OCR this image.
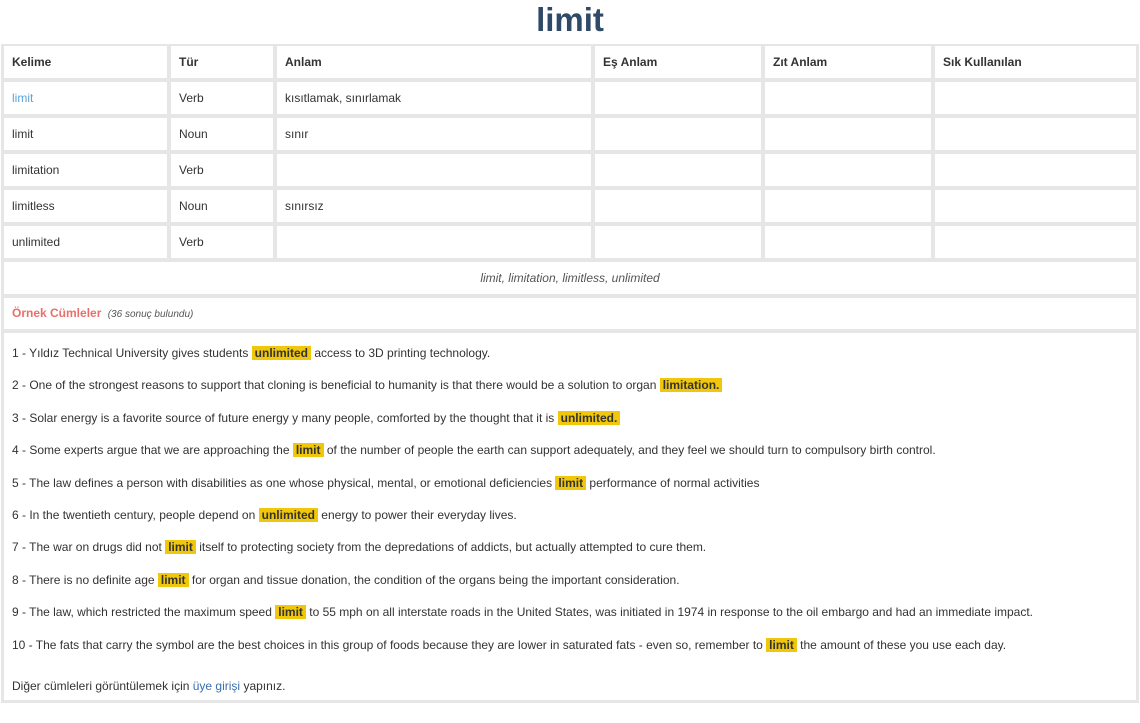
limit
Kelime	Tür	Anlam	Eş Anlam	Zıt Anlam	Sık Kullanılan
limit	Verb	kısıtlamak, sınırlamak			
limit	Noun	sınır			
limitation	Verb				
limitless	Noun	sınırsız			
unlimited	Verb				
limit, limitation, limitless, unlimited
Örnek Cümleler (36 sonuç bulundu)
1 - Yıldız Technical University gives students unlimited access to 3D printing technology.
2 - One of the strongest reasons to support that cloning is beneficial to humanity is that there would be a solution to organ limitation.
3 - Solar energy is a favorite source of future energy y many people, comforted by the thought that it is unlimited.
4 - Some experts argue that we are approaching the limit of the number of people the earth can support adequately, and they feel we should turn to compulsory birth control.
5 - The law defines a person with disabilities as one whose physical, mental, or emotional deficiencies limit performance of normal activities
6 - In the twentieth century, people depend on unlimited energy to power their everyday lives.
7 - The war on drugs did not limit itself to protecting society from the depredations of addicts, but actually attempted to cure them.
8 - There is no definite age limit for organ and tissue donation, the condition of the organs being the important consideration.
9 - The law, which restricted the maximum speed limit to 55 mph on all interstate roads in the United States, was initiated in 1974 in response to the oil embargo and had an immediate impact.
10 - The fats that carry the symbol are the best choices in this group of foods because they are lower in saturated fats - even so, remember to limit the amount of these you use each day.
Diğer cümleleri görüntülemek için üye girişi yapınız.
